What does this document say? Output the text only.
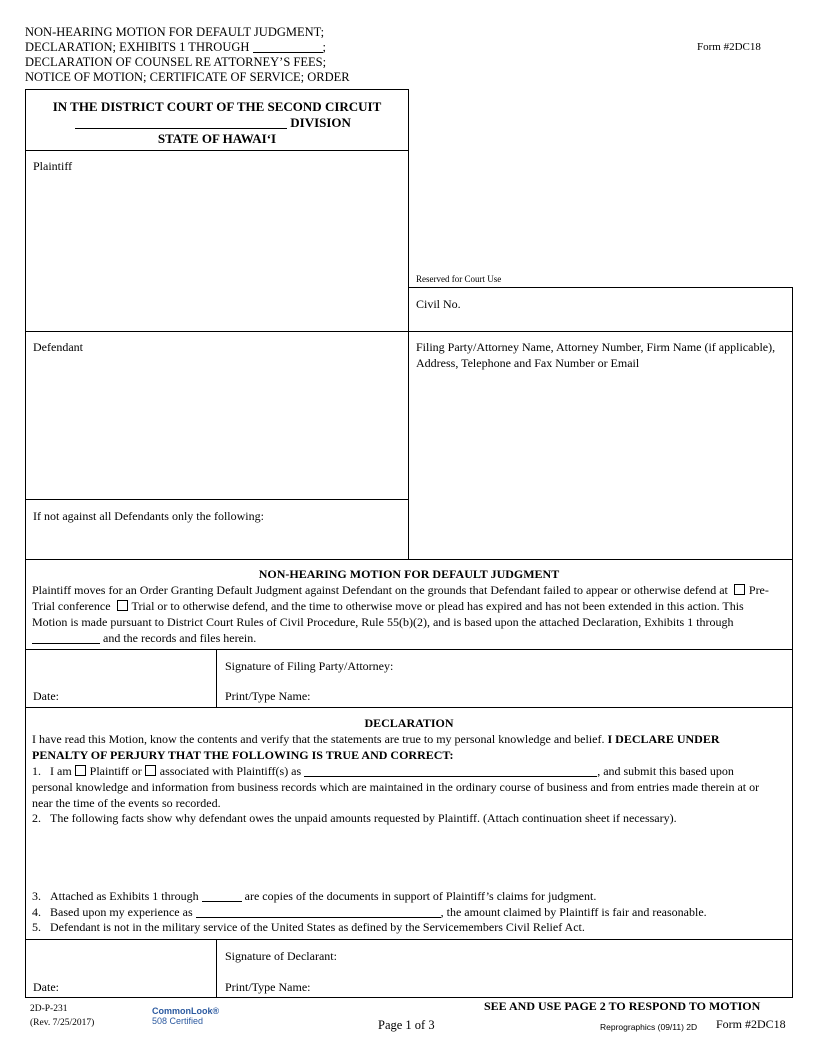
NON-HEARING MOTION FOR DEFAULT JUDGMENT;
DECLARATION; EXHIBITS 1 THROUGH	;
DECLARATION OF COUNSEL RE ATTORNEY’S FEES;
NOTICE OF MOTION; CERTIFICATE OF SERVICE; ORDER
Form #2DC18
IN THE DISTRICT COURT OF THE SECOND CIRCUIT
DIVISION
STATE OF HAWAI‘I
Plaintiff
Defendant
If not against all Defendants only the following:
Reserved for Court Use
Civil No.
Filing Party/Attorney Name, Attorney Number, Firm Name (if applicable), Address, Telephone and Fax Number or Email
NON-HEARING MOTION FOR DEFAULT JUDGMENT
Plaintiff moves for an Order Granting Default Judgment against Defendant on the grounds that Defendant failed to appear or otherwise defend at Pre-Trial conference Trial or to otherwise defend, and the time to otherwise move or plead has expired and has not been extended in this action. This Motion is made pursuant to District Court Rules of Civil Procedure, Rule 55(b)(2), and is based upon the attached Declaration, Exhibits 1 through  and the records and files herein.
Date:
Signature of Filing Party/Attorney:
Print/Type Name:
DECLARATION
I have read this Motion, know the contents and verify that the statements are true to my personal knowledge and belief. I DECLARE UNDER PENALTY OF PERJURY THAT THE FOLLOWING IS TRUE AND CORRECT:
1. I am Plaintiff or associated with Plaintiff(s) as	, and submit this based upon personal knowledge and information from business records which are maintained in the ordinary course of business and from entries made therein at or near the time of the events so recorded.
2. The following facts show why defendant owes the unpaid amounts requested by Plaintiff. (Attach continuation sheet if necessary).
3. Attached as Exhibits 1 through	are copies of the documents in support of Plaintiff’s claims for judgment.
4. Based upon my experience as	, the amount claimed by Plaintiff is fair and reasonable.
5. Defendant is not in the military service of the United States as defined by the Servicemembers Civil Relief Act.
Date:
Signature of Declarant:
Print/Type Name:
2D-P-231
(Rev. 7/25/2017)
CommonLook®
508 Certified	Page 1 of 3
SEE AND USE PAGE 2 TO RESPOND TO MOTION
Reprographics (09/11) 2D Form #2DC18
